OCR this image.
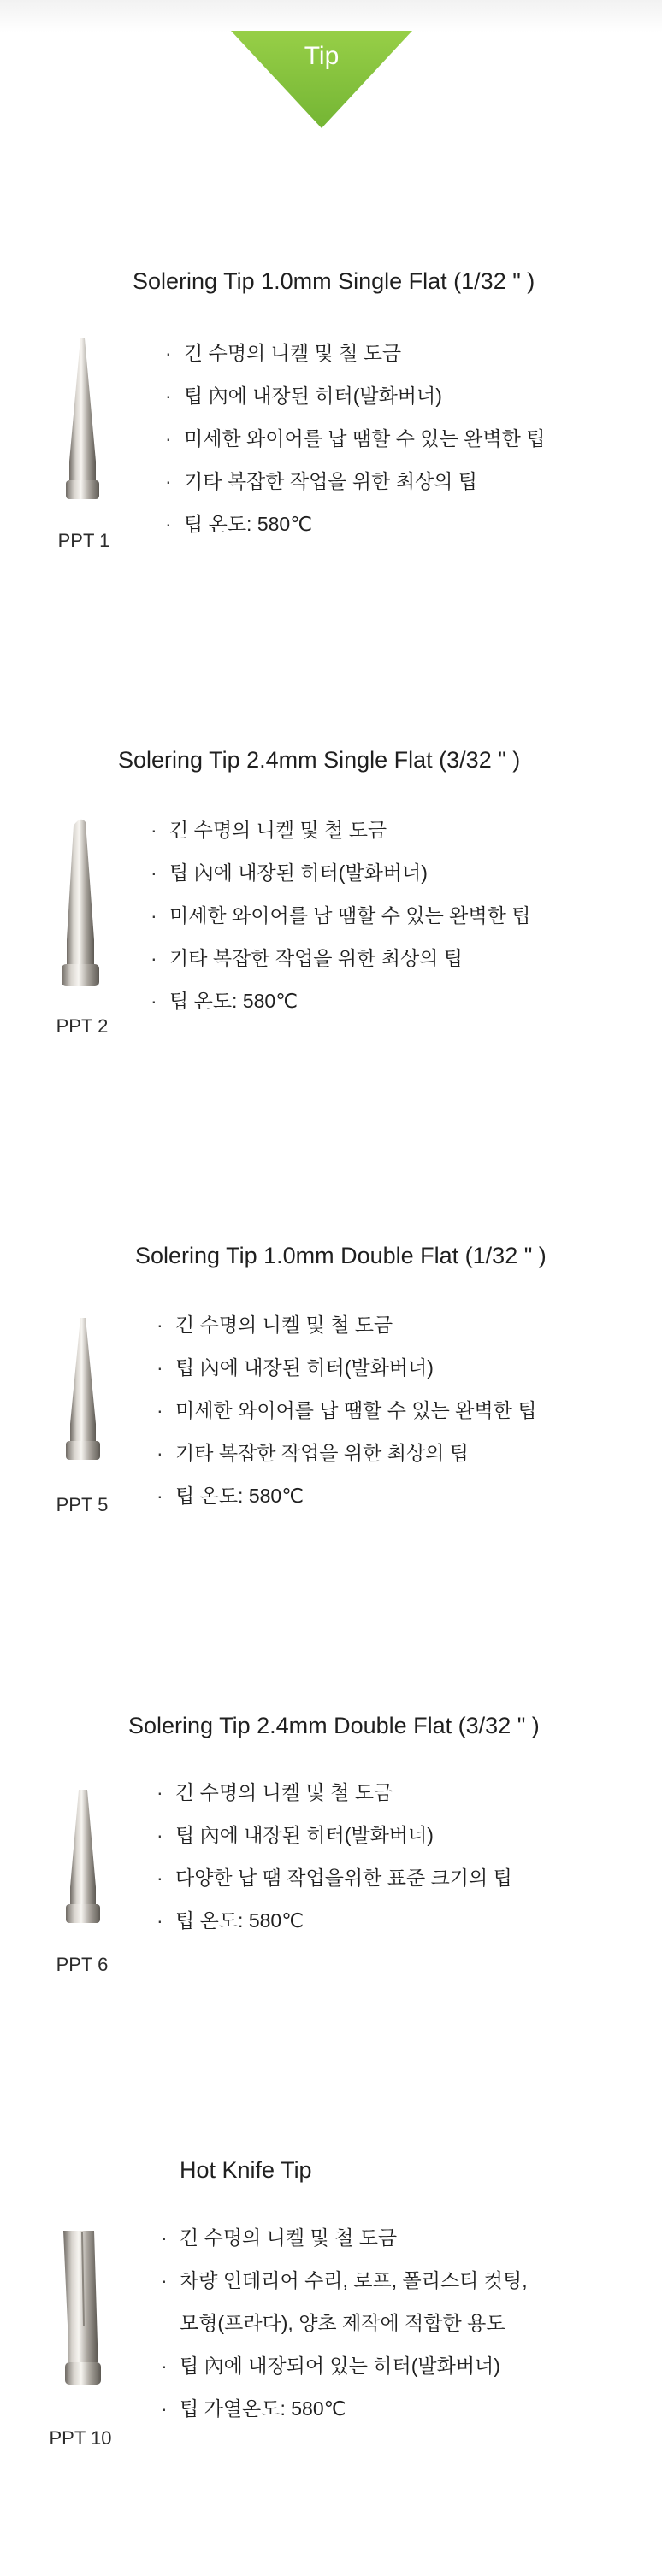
Tip
Solering Tip 1.0mm Single Flat (1/32 " )
PPT 1
· 긴 수명의 니켈 및 철 도금
· 팁 內에 내장된 히터(발화버너)
· 미세한 와이어를 납 땜할 수 있는 완벽한 팁
· 기타 복잡한 작업을 위한 최상의 팁
· 팁 온도: 580℃
Solering Tip 2.4mm Single Flat (3/32 " )
PPT 2
· 긴 수명의 니켈 및 철 도금
· 팁 內에 내장된 히터(발화버너)
· 미세한 와이어를 납 땜할 수 있는 완벽한 팁
· 기타 복잡한 작업을 위한 최상의 팁
· 팁 온도: 580℃
Solering Tip 1.0mm Double Flat (1/32 " )
PPT 5
· 긴 수명의 니켈 및 철 도금
· 팁 內에 내장된 히터(발화버너)
· 미세한 와이어를 납 땜할 수 있는 완벽한 팁
· 기타 복잡한 작업을 위한 최상의 팁
· 팁 온도: 580℃
Solering Tip 2.4mm Double Flat (3/32 " )
PPT 6
· 긴 수명의 니켈 및 철 도금
· 팁 內에 내장된 히터(발화버너)
· 다양한 납 땜 작업을위한 표준 크기의 팁
· 팁 온도: 580℃
Hot Knife Tip
PPT 10
· 긴 수명의 니켈 및 철 도금
· 차량 인테리어 수리, 로프, 폴리스티 컷팅,
모형(프라다), 양초 제작에 적합한 용도
· 팁 內에 내장되어 있는 히터(발화버너)
· 팁 가열온도: 580℃
